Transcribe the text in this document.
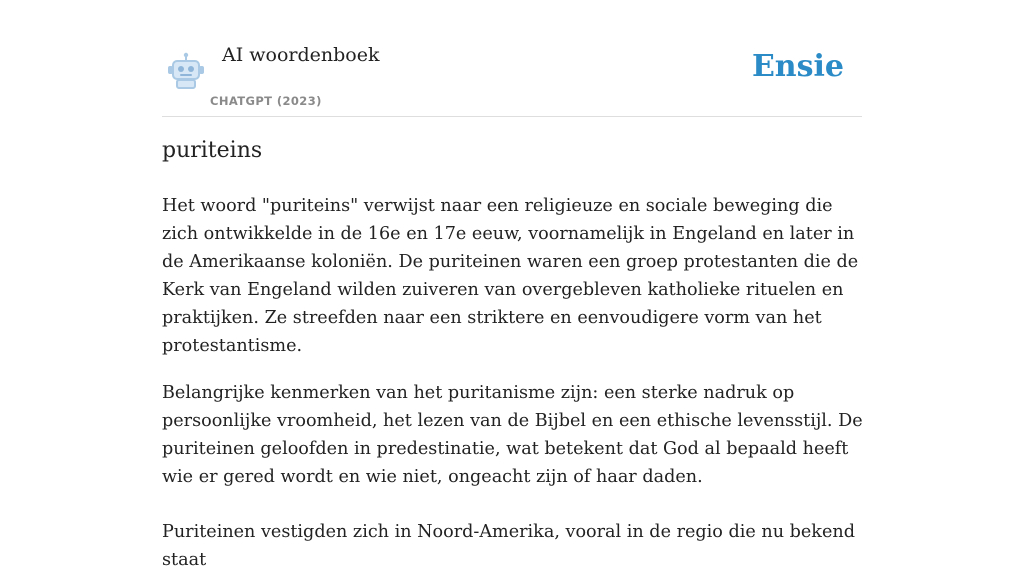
AI woordenboek
CHATGPT (2023)
Ensie
puriteins

Het woord "puriteins" verwijst naar een religieuze en sociale beweging die zich ontwikkelde in de 16e en 17e eeuw, voornamelijk in Engeland en later in de Amerikaanse koloniën. De puriteinen waren een groep protestanten die de Kerk van Engeland wilden zuiveren van overgebleven katholieke rituelen en praktijken. Ze streefden naar een striktere en eenvoudigere vorm van het protestantisme.

Belangrijke kenmerken van het puritanisme zijn: een sterke nadruk op persoonlijke vroomheid, het lezen van de Bijbel en een ethische levensstijl. De puriteinen geloofden in predestinatie, wat betekent dat God al bepaald heeft wie er gered wordt en wie niet, ongeacht zijn of haar daden.

Puriteinen vestigden zich in Noord-Amerika, vooral in de regio die nu bekend staat
